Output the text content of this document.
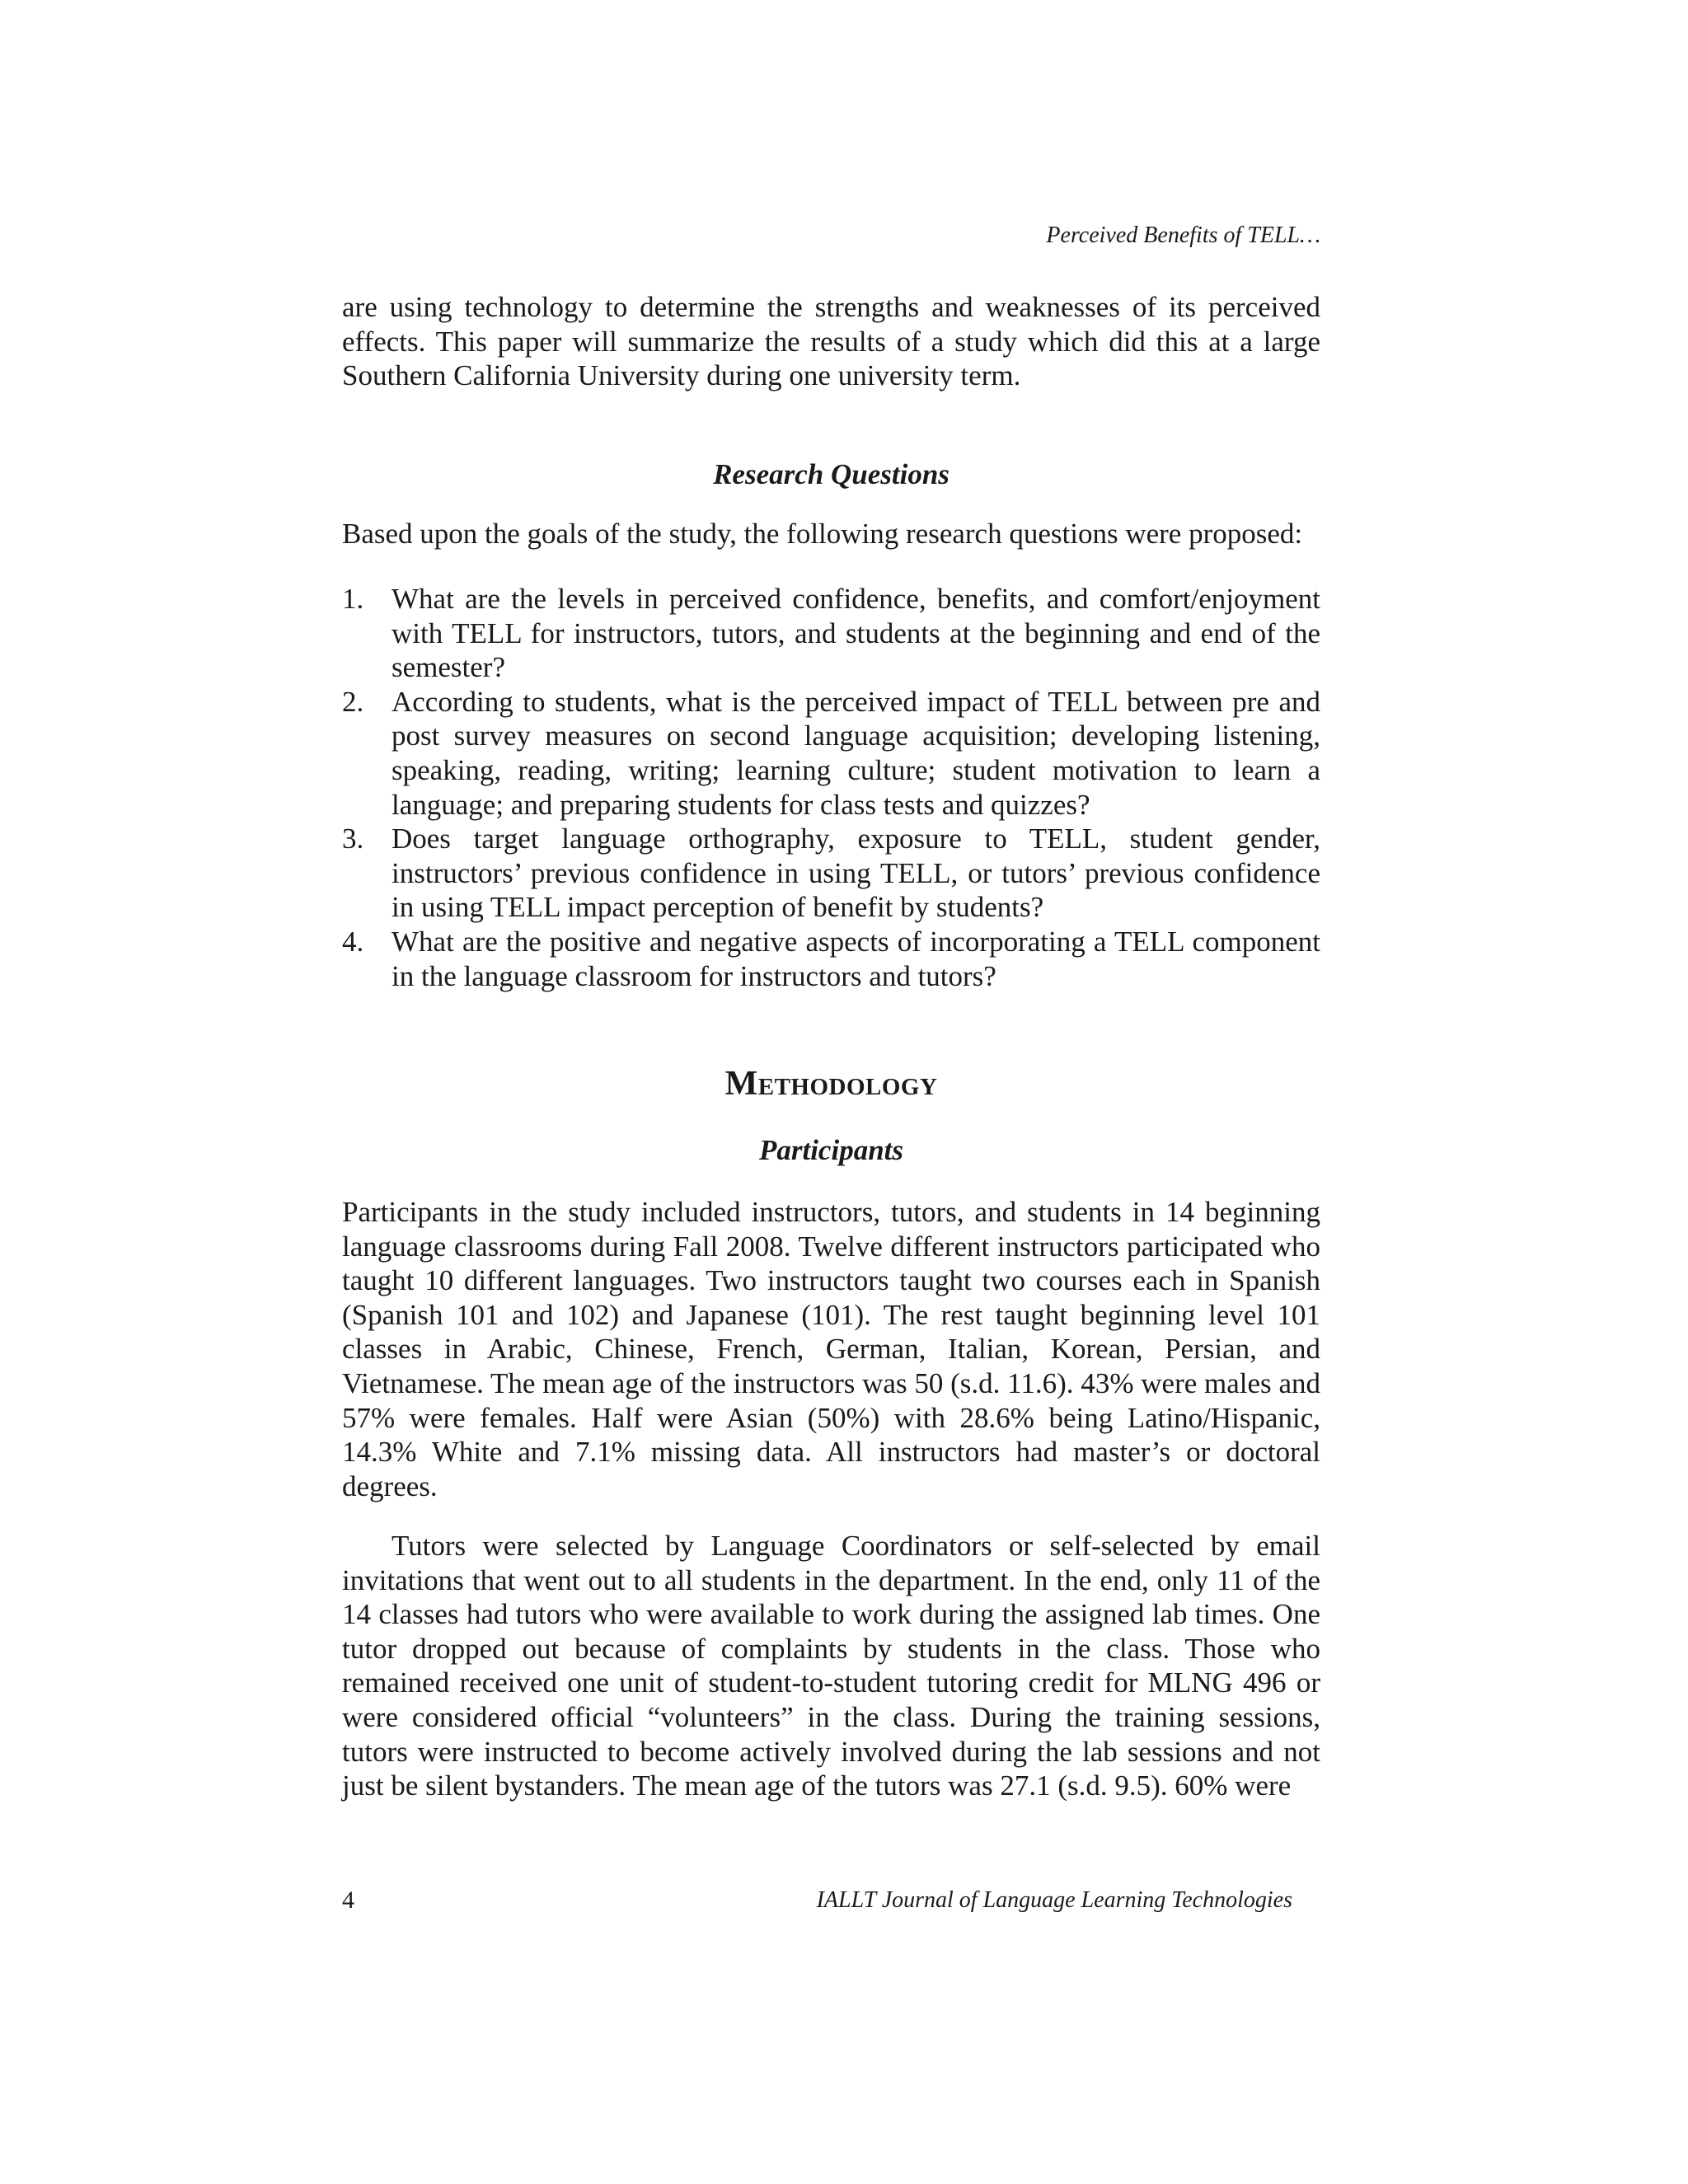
Perceived Benefits of TELL…

are using technology to determine the strengths and weaknesses of its perceived effects. This paper will summarize the results of a study which did this at a large Southern California University during one university term.

Research Questions

Based upon the goals of the study, the following research questions were proposed:

1. What are the levels in perceived confidence, benefits, and comfort/enjoyment with TELL for instructors, tutors, and students at the beginning and end of the semester?
2. According to students, what is the perceived impact of TELL between pre and post survey measures on second language acquisition; developing listening, speaking, reading, writing; learning culture; student motivation to learn a language; and preparing students for class tests and quizzes?
3. Does target language orthography, exposure to TELL, student gender, instructors’ previous confidence in using TELL, or tutors’ previous confidence in using TELL impact perception of benefit by students?
4. What are the positive and negative aspects of incorporating a TELL component in the language classroom for instructors and tutors?
Methodology
Participants

Participants in the study included instructors, tutors, and students in 14 beginning language classrooms during Fall 2008. Twelve different instructors participated who taught 10 different languages. Two instructors taught two courses each in Spanish (Spanish 101 and 102) and Japanese (101). The rest taught beginning level 101 classes in Arabic, Chinese, French, German, Italian, Korean, Persian, and Vietnamese. The mean age of the instructors was 50 (s.d. 11.6). 43% were males and 57% were females. Half were Asian (50%) with 28.6% being Latino/Hispanic, 14.3% White and 7.1% missing data. All instructors had master’s or doctoral degrees.

Tutors were selected by Language Coordinators or self-selected by email invitations that went out to all students in the department. In the end, only 11 of the 14 classes had tutors who were available to work during the assigned lab times. One tutor dropped out because of complaints by students in the class. Those who remained received one unit of student-to-student tutoring credit for MLNG 496 or were considered official “volunteers” in the class. During the training sessions, tutors were instructed to become actively involved during the lab sessions and not just be silent bystanders. The mean age of the tutors was 27.1 (s.d. 9.5). 60% were

4	IALLT Journal of Language Learning Technologies
